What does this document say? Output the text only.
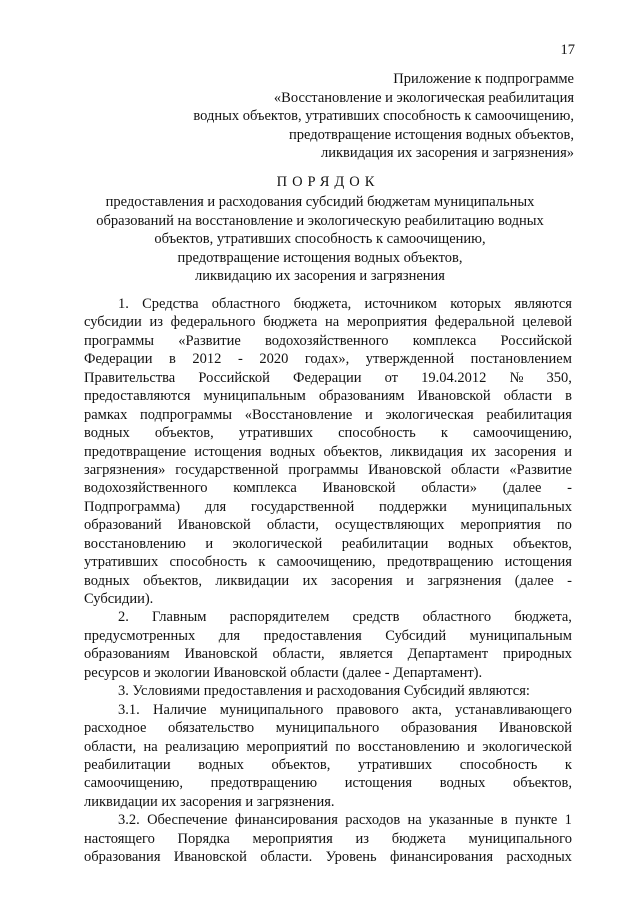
17
Приложение к подпрограмме
«Восстановление и экологическая реабилитация
водных объектов, утративших способность к самоочищению,
предотвращение истощения водных объектов,
ликвидация их засорения и загрязнения»
ПОРЯДОК
предоставления и расходования субсидий бюджетам муниципальных
образований на восстановление и экологическую реабилитацию водных
объектов, утративших способность к самоочищению,
предотвращение истощения водных объектов,
ликвидацию их засорения и загрязнения
1. Средства областного бюджета, источником которых являются
субсидии из федерального бюджета на мероприятия федеральной целевой
программы «Развитие водохозяйственного комплекса Российской
Федерации в 2012 - 2020 годах», утвержденной постановлением
Правительства Российской Федерации от 19.04.2012 № 350,
предоставляются муниципальным образованиям Ивановской области в
рамках подпрограммы «Восстановление и экологическая реабилитация
водных объектов, утративших способность к самоочищению,
предотвращение истощения водных объектов, ликвидация их засорения и
загрязнения» государственной программы Ивановской области «Развитие
водохозяйственного комплекса Ивановской области» (далее -
Подпрограмма) для государственной поддержки муниципальных
образований Ивановской области, осуществляющих мероприятия по
восстановлению и экологической реабилитации водных объектов,
утративших способность к самоочищению, предотвращению истощения
водных объектов, ликвидации их засорения и загрязнения (далее -
Субсидии).
2. Главным распорядителем средств областного бюджета,
предусмотренных для предоставления Субсидий муниципальным
образованиям Ивановской области, является Департамент природных
ресурсов и экологии Ивановской области (далее - Департамент).
3. Условиями предоставления и расходования Субсидий являются:
3.1. Наличие муниципального правового акта, устанавливающего
расходное обязательство муниципального образования Ивановской
области, на реализацию мероприятий по восстановлению и экологической
реабилитации водных объектов, утративших способность к
самоочищению, предотвращению истощения водных объектов,
ликвидации их засорения и загрязнения.
3.2. Обеспечение финансирования расходов на указанные в пункте 1
настоящего Порядка мероприятия из бюджета муниципального
образования Ивановской области. Уровень финансирования расходных
